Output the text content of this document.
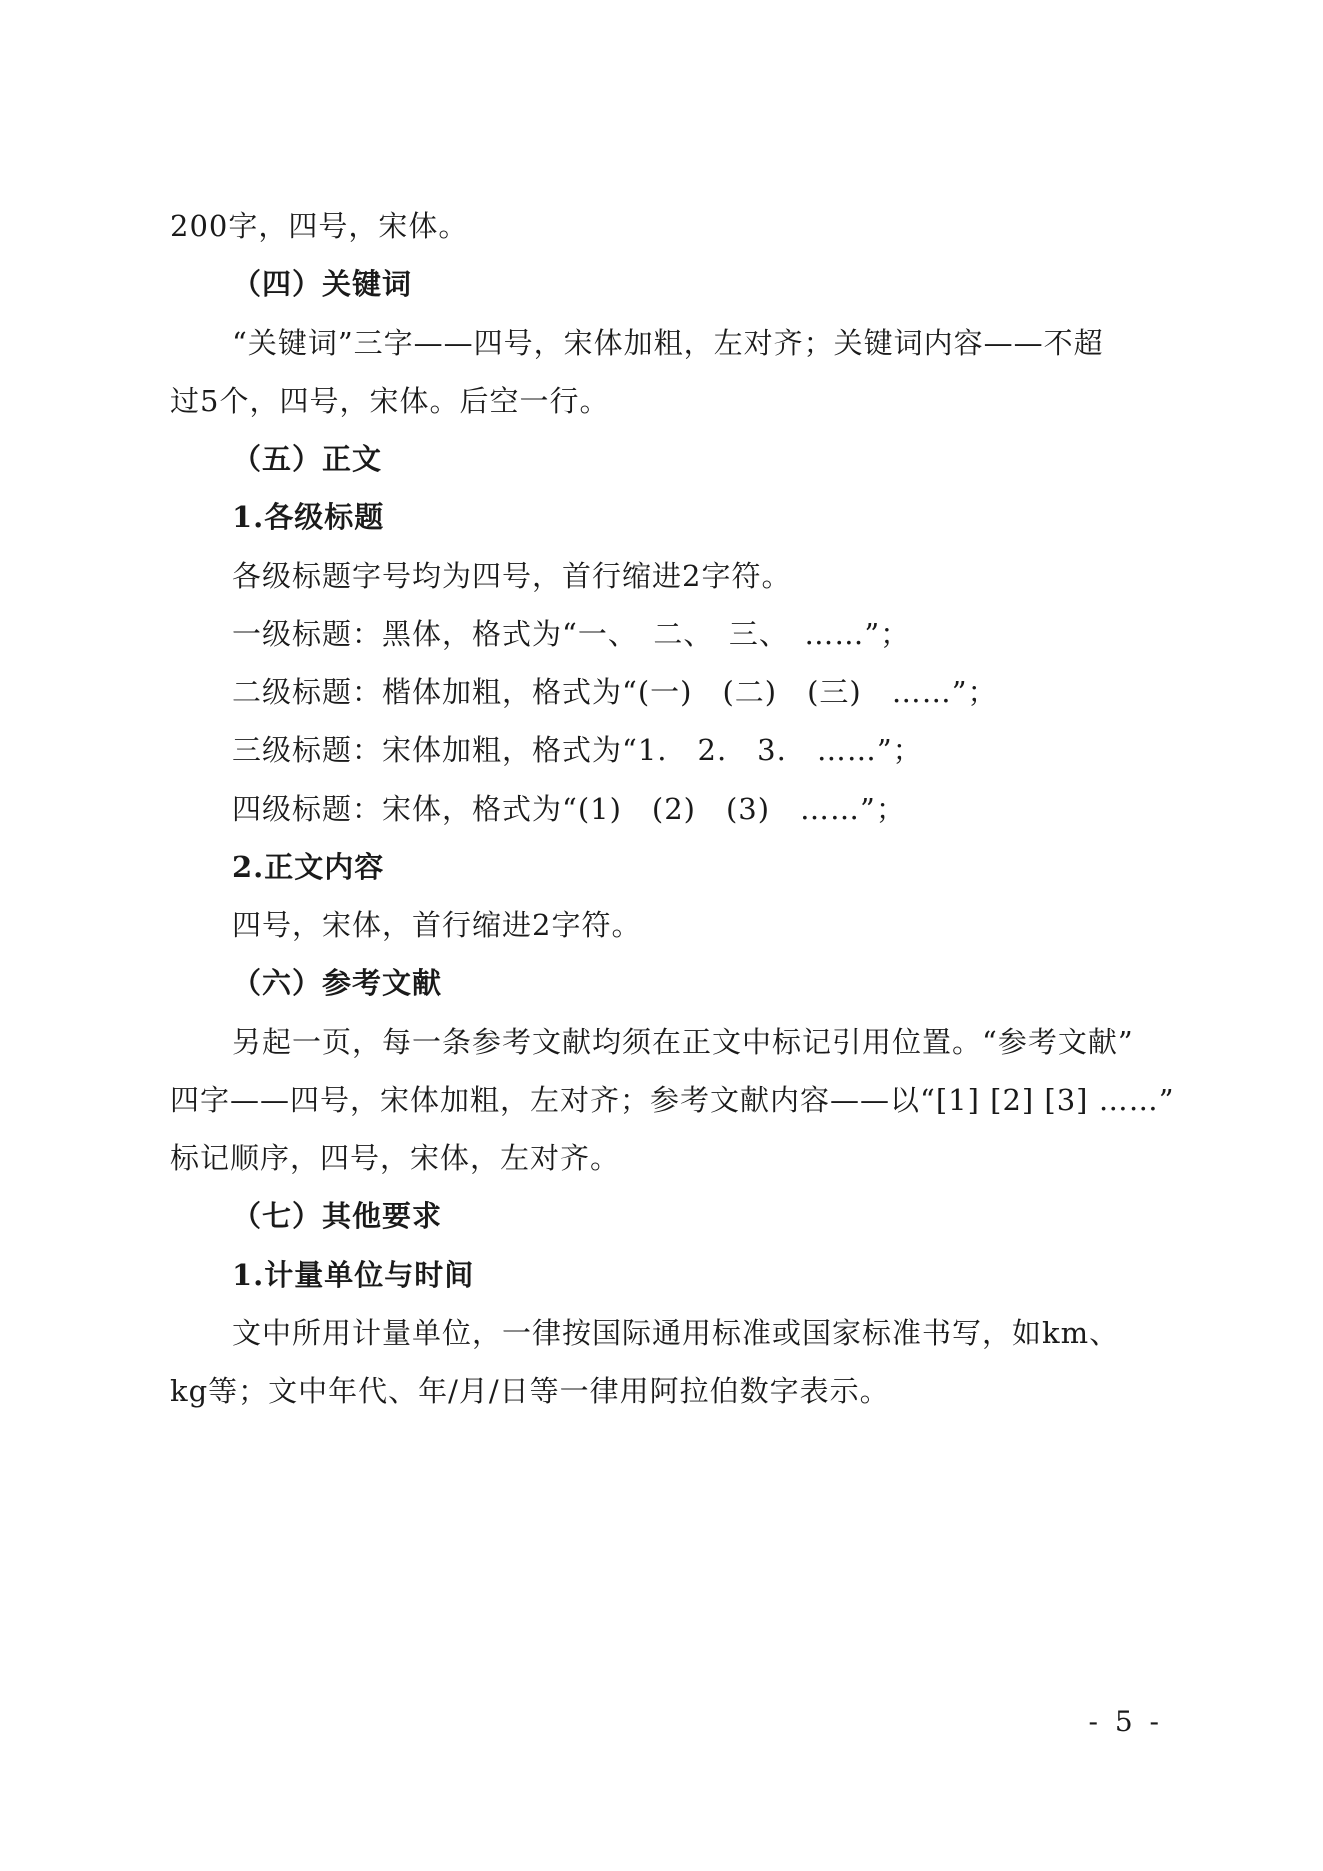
200字，四号，宋体。
（四）关键词
“关键词”三字——四号，宋体加粗，左对齐；关键词内容——不超
过5个，四号，宋体。后空一行。
（五）正文
1.各级标题
各级标题字号均为四号，首行缩进2字符。
一级标题：黑体，格式为“一、　二、　三、　……”；
二级标题：楷体加粗，格式为“(一)　(二)　(三)　……”；
三级标题：宋体加粗，格式为“1.　2.　3.　……”；
四级标题：宋体，格式为“(1)　(2)　(3)　……”；
2.正文内容
四号，宋体，首行缩进2字符。
（六）参考文献
另起一页，每一条参考文献均须在正文中标记引用位置。“参考文献”
四字——四号，宋体加粗，左对齐；参考文献内容——以“[1] [2] [3] ……”
标记顺序，四号，宋体，左对齐。
（七）其他要求
1.计量单位与时间
文中所用计量单位，一律按国际通用标准或国家标准书写，如km、
kg等；文中年代、年/月/日等一律用阿拉伯数字表示。
- 5 -
